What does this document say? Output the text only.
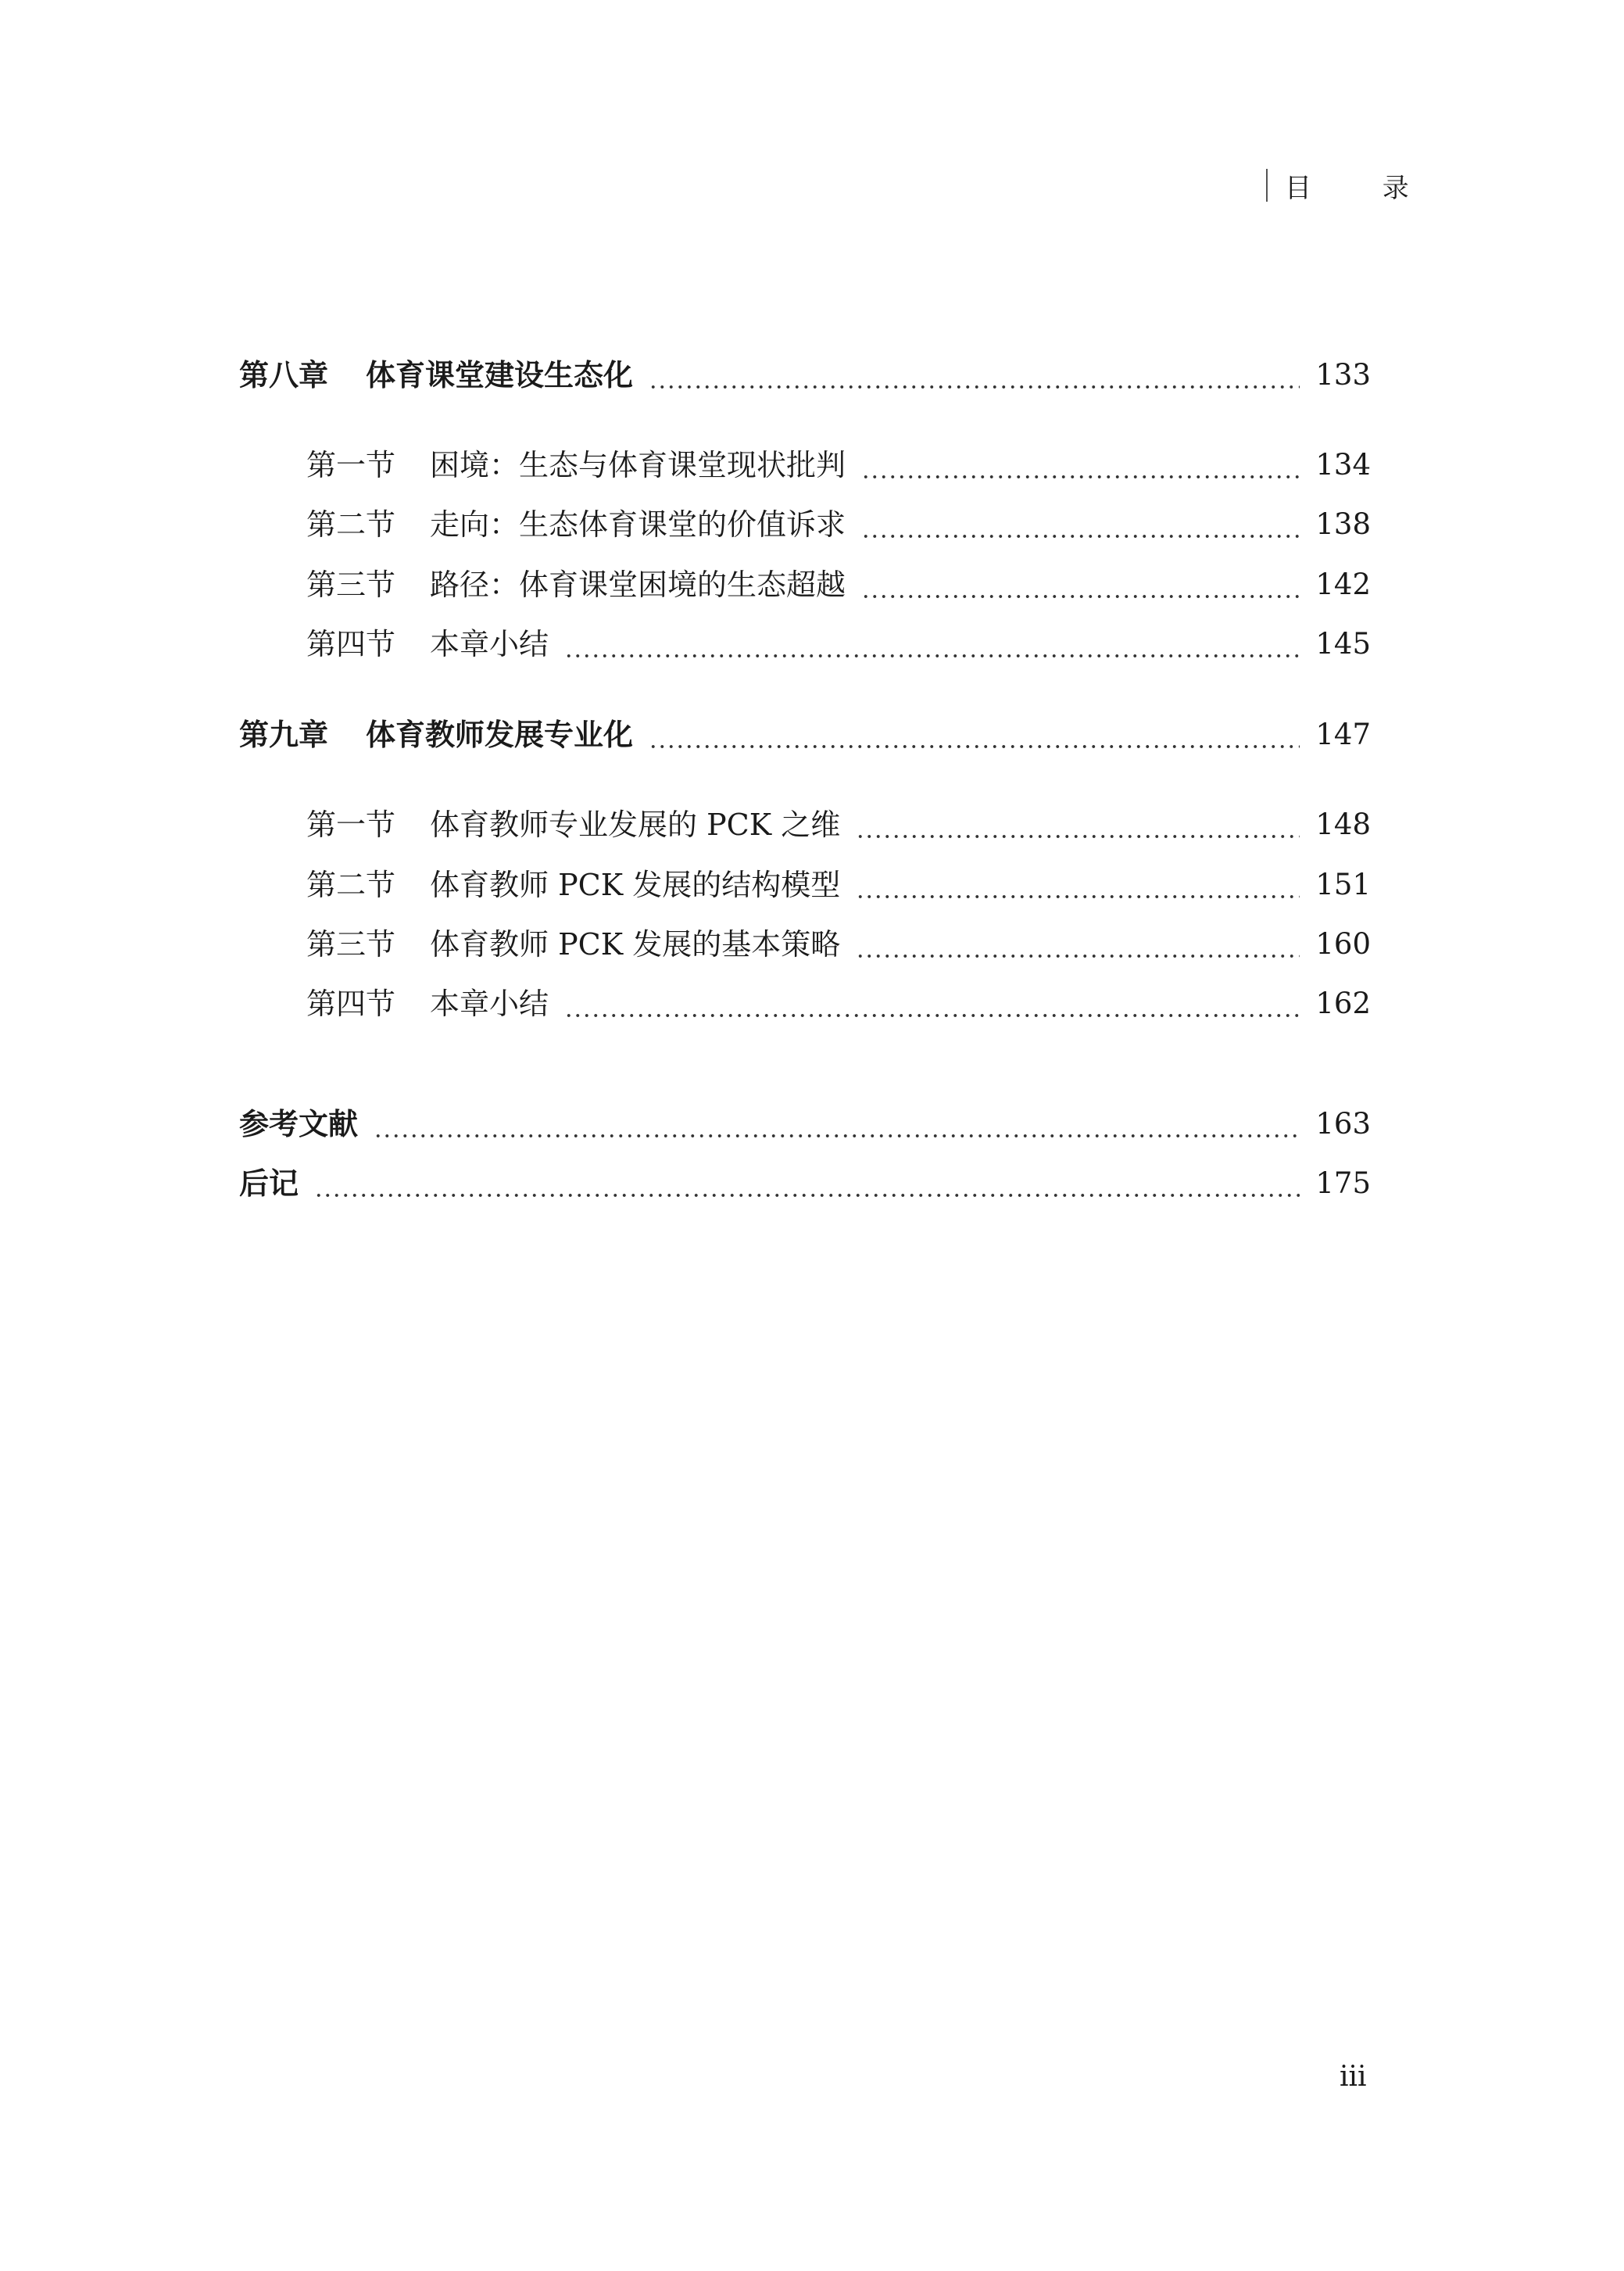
目 录
第八章 体育课堂建设生态化	133
第一节 困境：生态与体育课堂现状批判	134
第二节 走向：生态体育课堂的价值诉求	138
第三节 路径：体育课堂困境的生态超越	142
第四节 本章小结	145
第九章 体育教师发展专业化	147
第一节 体育教师专业发展的 PCK 之维	148
第二节 体育教师 PCK 发展的结构模型	151
第三节 体育教师 PCK 发展的基本策略	160
第四节 本章小结	162
参考文献	163
后记	175
iii
